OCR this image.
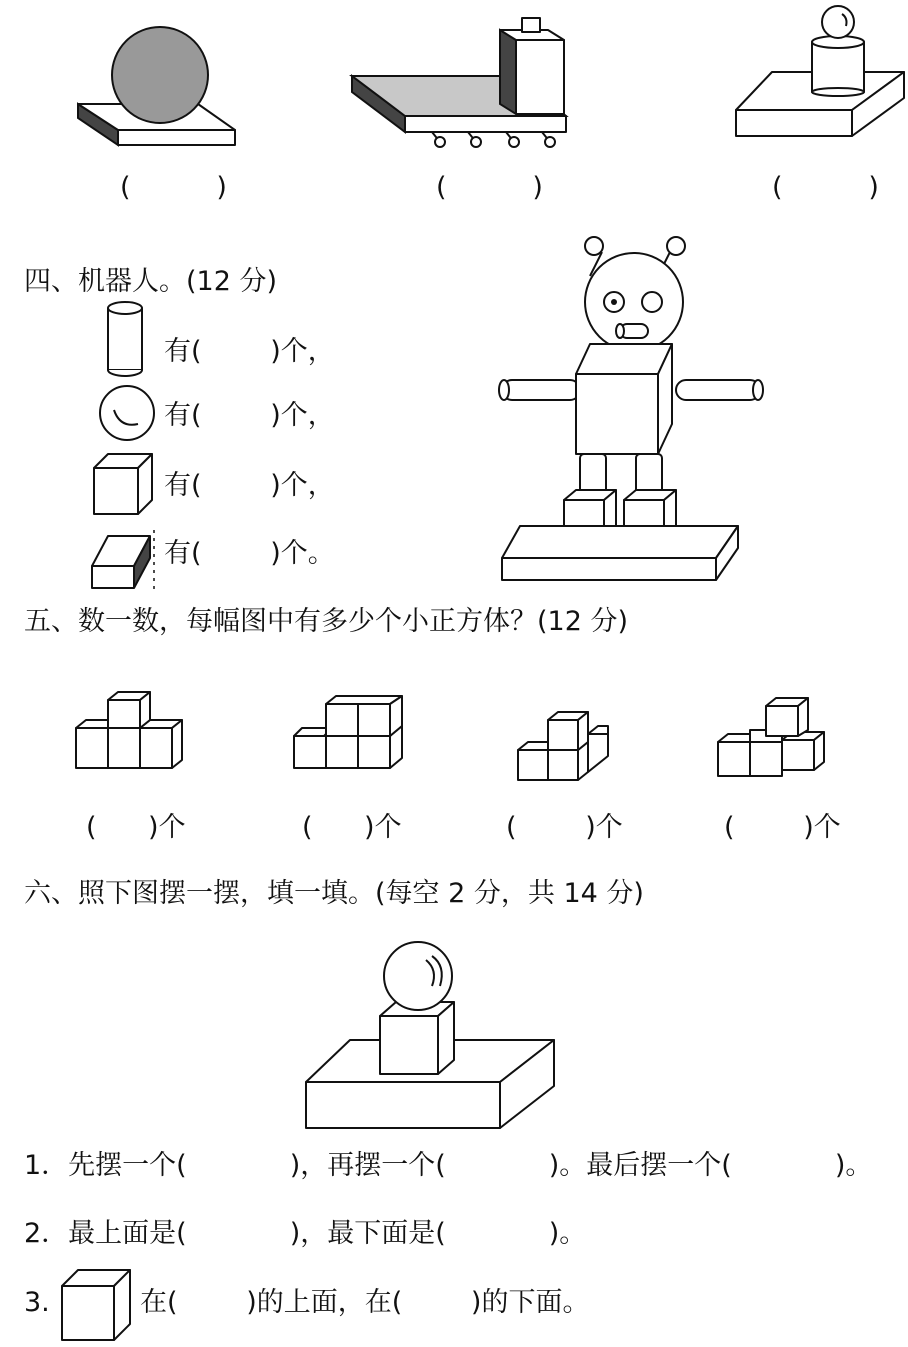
(          )	(          )	(          )
四、机器人。(12 分)
有(        )个，
有(        )个，
有(        )个，
有(        )个。
五、数一数，每幅图中有多少个小正方体？(12 分)
(      )个	(      )个	(        )个	(        )个
六、照下图摆一摆，填一填。(每空 2 分，共 14 分)
1．先摆一个(            )，再摆一个(            )。最后摆一个(            )。
2．最上面是(            )，最下面是(            )。
3.	在(        )的上面，在(        )的下面。
